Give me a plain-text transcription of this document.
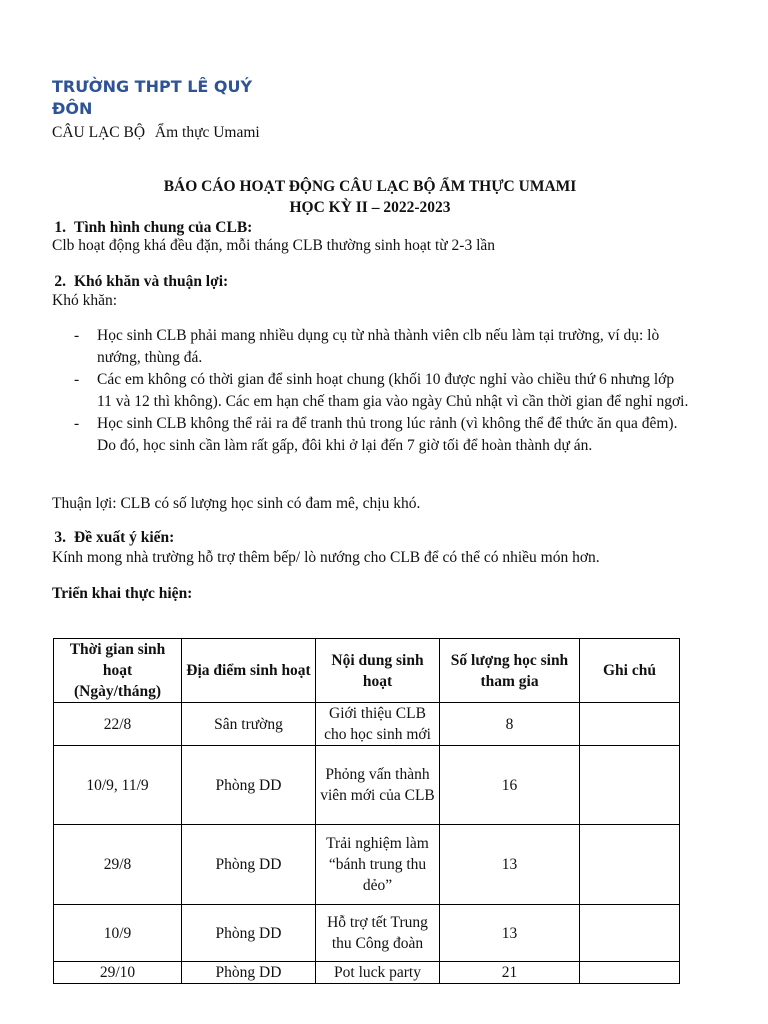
TRƯỜNG THPT LÊ QUÝ ĐÔN
CÂU LẠC BỘ Ẩm thực Umami
BÁO CÁO HOẠT ĐỘNG CÂU LẠC BỘ ẨM THỰC UMAMI
HỌC KỲ II – 2022-2023
1. Tình hình chung của CLB:
Clb hoạt động khá đều đặn, mỗi tháng CLB thường sinh hoạt từ 2-3 lần
2. Khó khăn và thuận lợi:
Khó khăn:
- Học sinh CLB phải mang nhiều dụng cụ từ nhà thành viên clb nếu làm tại trường, ví dụ: lò nướng, thùng đá.
- Các em không có thời gian để sinh hoạt chung (khối 10 được nghỉ vào chiều thứ 6 nhưng lớp 11 và 12 thì không). Các em hạn chế tham gia vào ngày Chủ nhật vì cần thời gian để nghỉ ngơi.
- Học sinh CLB không thể rải ra để tranh thủ trong lúc rảnh (vì không thể để thức ăn qua đêm). Do đó, học sinh cần làm rất gấp, đôi khi ở lại đến 7 giờ tối để hoàn thành dự án.
Thuận lợi: CLB có số lượng học sinh có đam mê, chịu khó.
3. Đề xuất ý kiến:
Kính mong nhà trường hỗ trợ thêm bếp/ lò nướng cho CLB để có thể có nhiều món hơn.
Triển khai thực hiện:
Thời gian sinh hoạt (Ngày/tháng)	Địa điểm sinh hoạt	Nội dung sinh hoạt	Số lượng học sinh tham gia	Ghi chú
22/8	Sân trường	Giới thiệu CLB cho học sinh mới	8	
10/9, 11/9	Phòng DD	Phỏng vấn thành viên mới của CLB	16	
29/8	Phòng DD	Trải nghiệm làm “bánh trung thu dẻo”	13	
10/9	Phòng DD	Hỗ trợ tết Trung thu Công đoàn	13	
29/10	Phòng DD	Pot luck party	21	
